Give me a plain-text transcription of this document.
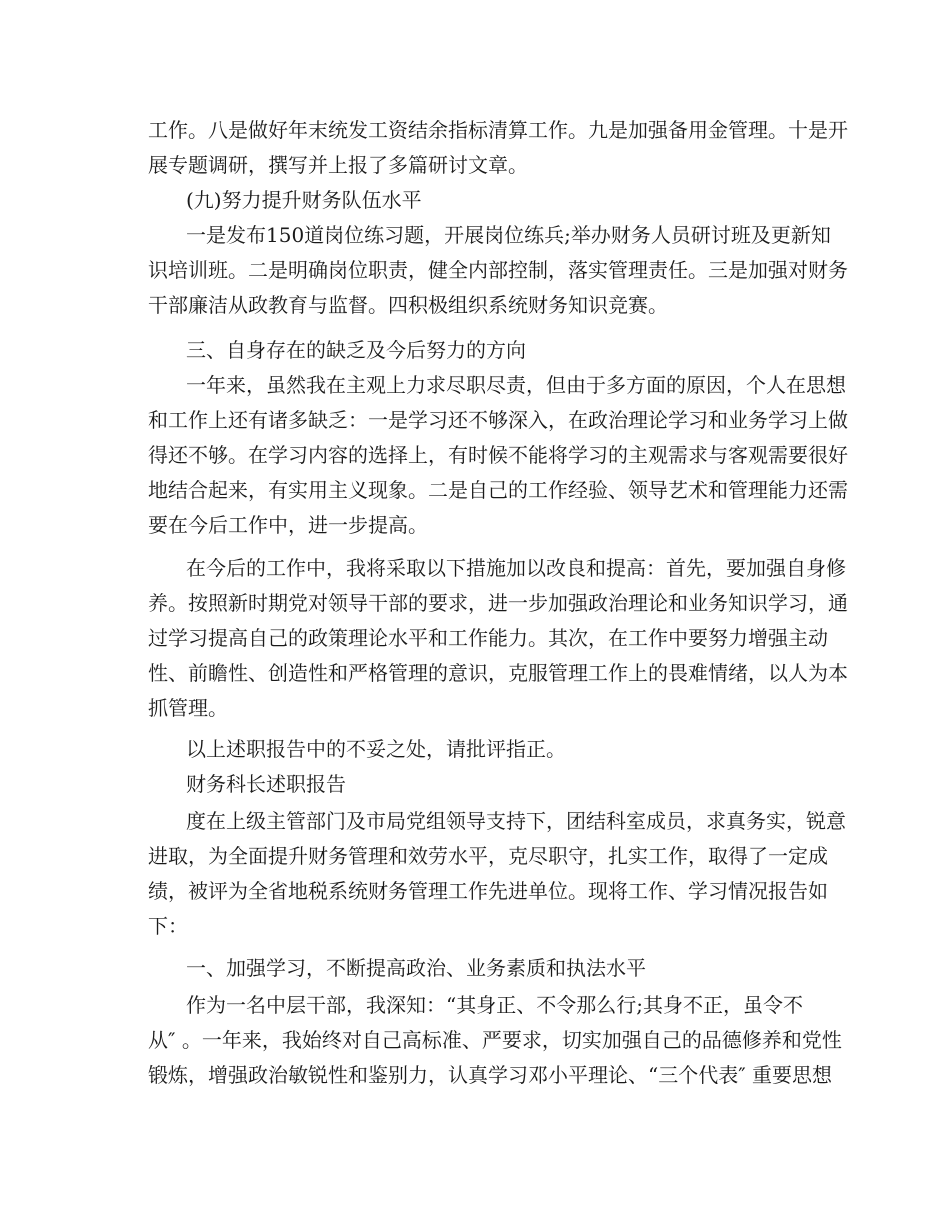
工作。八是做好年末统发工资结余指标清算工作。九是加强备用金管理。十是开
展专题调研，撰写并上报了多篇研讨文章。
(九)努力提升财务队伍水平
一是发布150道岗位练习题，开展岗位练兵;举办财务人员研讨班及更新知
识培训班。二是明确岗位职责，健全内部控制，落实管理责任。三是加强对财务
干部廉洁从政教育与监督。四积极组织系统财务知识竞赛。
三、自身存在的缺乏及今后努力的方向
一年来，虽然我在主观上力求尽职尽责，但由于多方面的原因，个人在思想
和工作上还有诸多缺乏：一是学习还不够深入，在政治理论学习和业务学习上做
得还不够。在学习内容的选择上，有时候不能将学习的主观需求与客观需要很好
地结合起来，有实用主义现象。二是自己的工作经验、领导艺术和管理能力还需
要在今后工作中，进一步提高。
在今后的工作中，我将采取以下措施加以改良和提高：首先，要加强自身修
养。按照新时期党对领导干部的要求，进一步加强政治理论和业务知识学习，通
过学习提高自己的政策理论水平和工作能力。其次，在工作中要努力增强主动
性、前瞻性、创造性和严格管理的意识，克服管理工作上的畏难情绪，以人为本
抓管理。
以上述职报告中的不妥之处，请批评指正。
财务科长述职报告
度在上级主管部门及市局党组领导支持下，团结科室成员，求真务实，锐意
进取，为全面提升财务管理和效劳水平，克尽职守，扎实工作，取得了一定成
绩，被评为全省地税系统财务管理工作先进单位。现将工作、学习情况报告如
下：
一、加强学习，不断提高政治、业务素质和执法水平
作为一名中层干部，我深知：“其身正、不令那么行;其身不正，虽令不
从″ 。一年来，我始终对自己高标准、严要求，切实加强自己的品德修养和党性
锻炼，增强政治敏锐性和鉴别力，认真学习邓小平理论、“三个代表″ 重要思想
